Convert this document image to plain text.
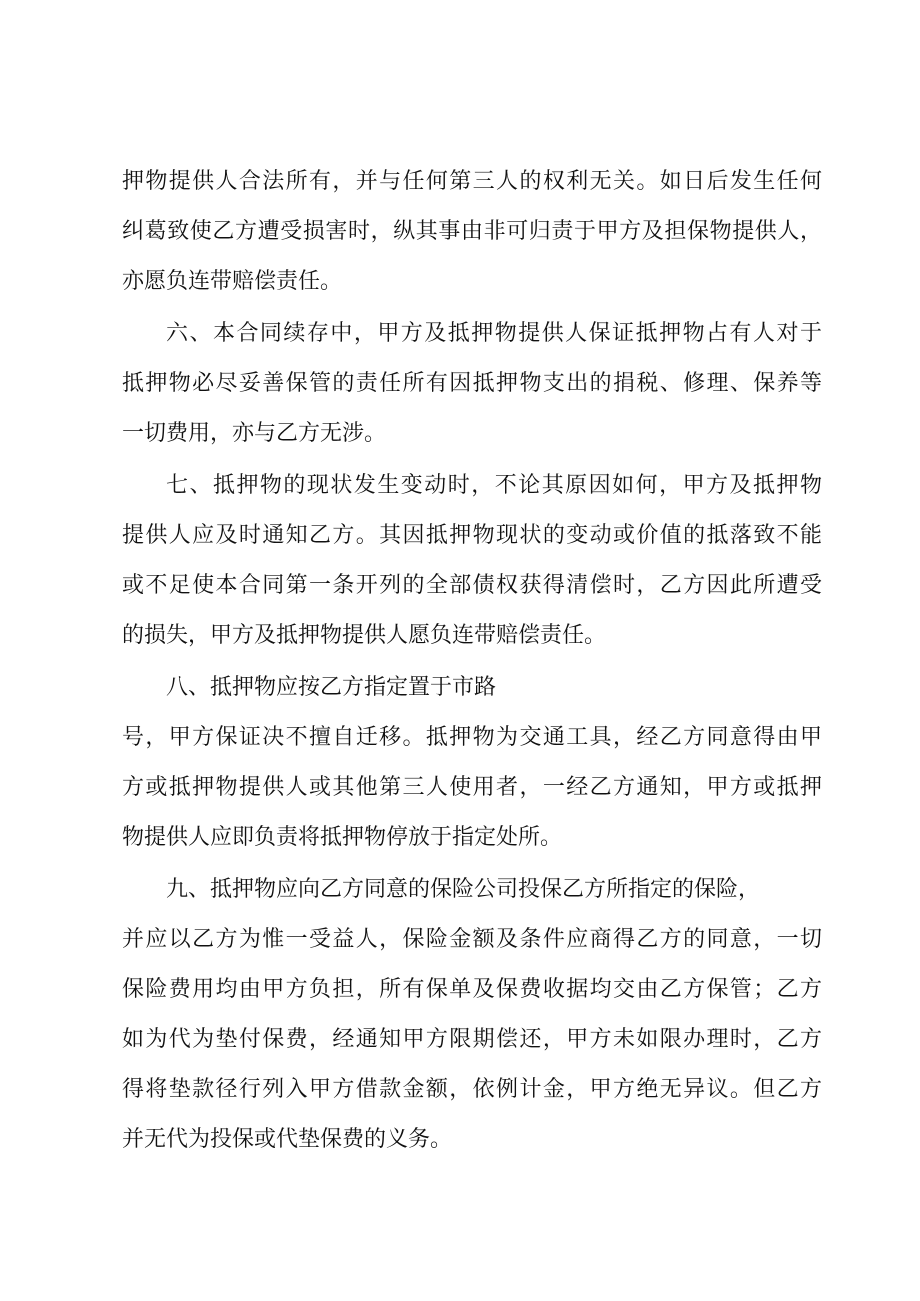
押物提供人合法所有，并与任何第三人的权利无关。如日后发生任何
纠葛致使乙方遭受损害时，纵其事由非可归责于甲方及担保物提供人，
亦愿负连带赔偿责任。
六、本合同续存中，甲方及抵押物提供人保证抵押物占有人对于
抵押物必尽妥善保管的责任所有因抵押物支出的捐税、修理、保养等
一切费用，亦与乙方无涉。
七、抵押物的现状发生变动时，不论其原因如何，甲方及抵押物
提供人应及时通知乙方。其因抵押物现状的变动或价值的抵落致不能
或不足使本合同第一条开列的全部债权获得清偿时，乙方因此所遭受
的损失，甲方及抵押物提供人愿负连带赔偿责任。
八、抵押物应按乙方指定置于市路
号，甲方保证决不擅自迁移。抵押物为交通工具，经乙方同意得由甲
方或抵押物提供人或其他第三人使用者，一经乙方通知，甲方或抵押
物提供人应即负责将抵押物停放于指定处所。
九、抵押物应向乙方同意的保险公司投保乙方所指定的保险，
并应以乙方为惟一受益人，保险金额及条件应商得乙方的同意，一切
保险费用均由甲方负担，所有保单及保费收据均交由乙方保管；乙方
如为代为垫付保费，经通知甲方限期偿还，甲方未如限办理时，乙方
得将垫款径行列入甲方借款金额，依例计金，甲方绝无异议。但乙方
并无代为投保或代垫保费的义务。
